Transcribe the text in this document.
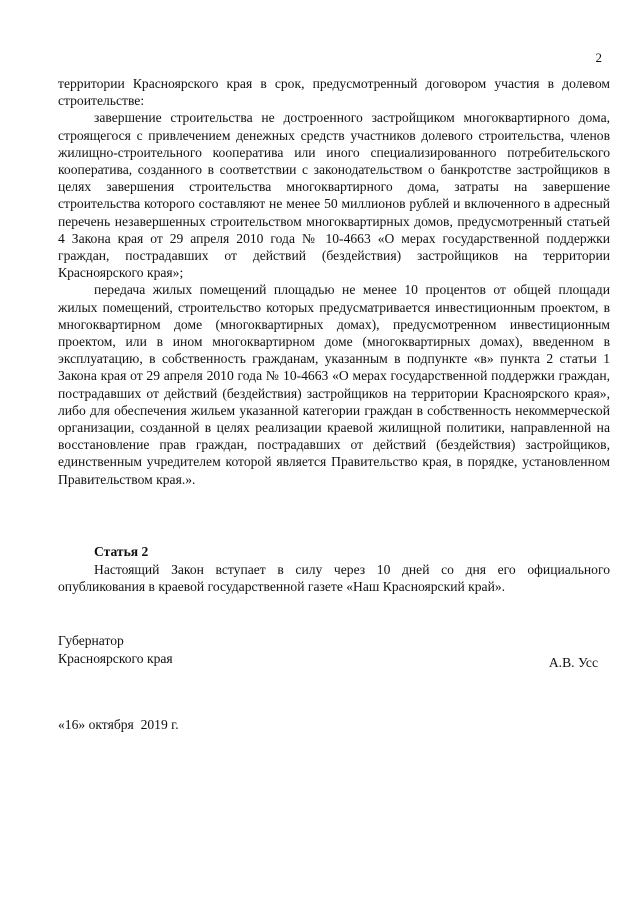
2

территории Красноярского края в срок, предусмотренный договором участия в долевом строительстве:

завершение строительства не достроенного застройщиком многоквартирного дома, строящегося с привлечением денежных средств участников долевого строительства, членов жилищно-строительного кооператива или иного специализированного потребительского кооператива, созданного в соответствии с законодательством о банкротстве застройщиков в целях завершения строительства многоквартирного дома, затраты на завершение строительства которого составляют не менее 50 миллионов рублей и включенного в адресный перечень незавершенных строительством многоквартирных домов, предусмотренный статьей 4 Закона края от 29 апреля 2010 года № 10-4663 «О мерах государственной поддержки граждан, пострадавших от действий (бездействия) застройщиков на территории Красноярского края»;

передача жилых помещений площадью не менее 10 процентов от общей площади жилых помещений, строительство которых предусматривается инвестиционным проектом, в многоквартирном доме (многоквартирных домах), предусмотренном инвестиционным проектом, или в ином многоквартирном доме (многоквартирных домах), введенном в эксплуатацию, в собственность гражданам, указанным в подпункте «в» пункта 2 статьи 1 Закона края от 29 апреля 2010 года № 10-4663 «О мерах государственной поддержки граждан, пострадавших от действий (бездействия) застройщиков на территории Красноярского края», либо для обеспечения жильем указанной категории граждан в собственность некоммерческой организации, созданной в целях реализации краевой жилищной политики, направленной на восстановление прав граждан, пострадавших от действий (бездействия) застройщиков, единственным учредителем которой является Правительство края, в порядке, установленном Правительством края.».

Статья 2

Настоящий Закон вступает в силу через 10 дней со дня его официального опубликования в краевой государственной газете «Наш Красноярский край».

Губернатор
Красноярского края	А.В. Усс
«16» октября  2019 г.
